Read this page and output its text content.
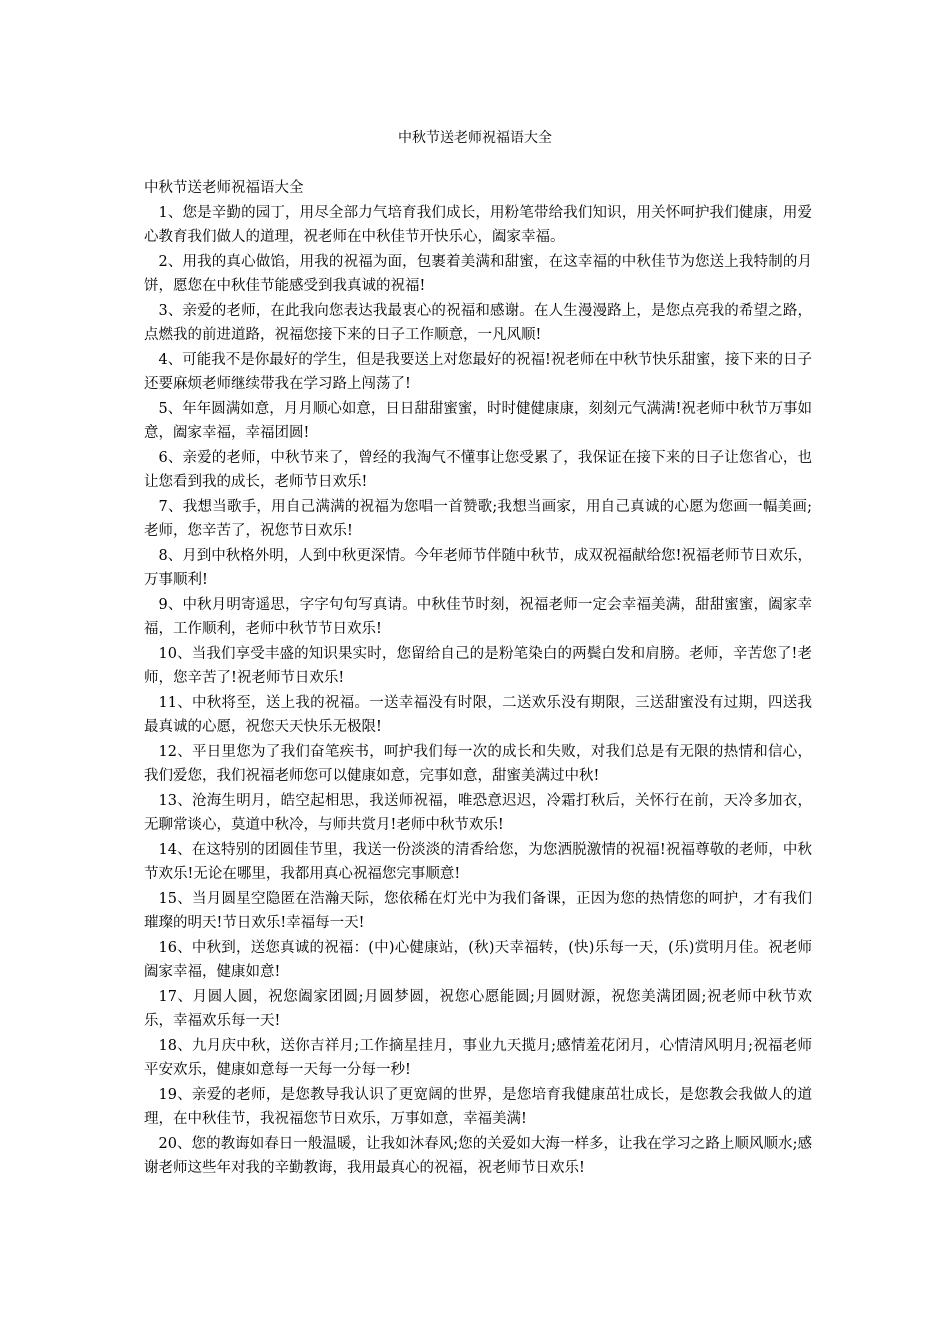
中秋节送老师祝福语大全

中秋节送老师祝福语大全

1、您是辛勤的园丁，用尽全部力气培育我们成长，用粉笔带给我们知识，用关怀呵护我们健康，用爱心教育我们做人的道理，祝老师在中秋佳节开快乐心，阖家幸福。

2、用我的真心做馅，用我的祝福为面，包裹着美满和甜蜜，在这幸福的中秋佳节为您送上我特制的月饼，愿您在中秋佳节能感受到我真诚的祝福!

3、亲爱的老师，在此我向您表达我最衷心的祝福和感谢。在人生漫漫路上，是您点亮我的希望之路，点燃我的前进道路，祝福您接下来的日子工作顺意，一凡风顺!

4、可能我不是你最好的学生，但是我要送上对您最好的祝福!祝老师在中秋节快乐甜蜜，接下来的日子还要麻烦老师继续带我在学习路上闯荡了!

5、年年圆满如意，月月顺心如意，日日甜甜蜜蜜，时时健健康康，刻刻元气满满!祝老师中秋节万事如意，阖家幸福，幸福团圆!

6、亲爱的老师，中秋节来了，曾经的我淘气不懂事让您受累了，我保证在接下来的日子让您省心，也让您看到我的成长，老师节日欢乐!

7、我想当歌手，用自己满满的祝福为您唱一首赞歌;我想当画家，用自己真诚的心愿为您画一幅美画;老师，您辛苦了，祝您节日欢乐!

8、月到中秋格外明，人到中秋更深情。今年老师节伴随中秋节，成双祝福献给您!祝福老师节日欢乐，万事顺利!

9、中秋月明寄遥思，字字句句写真请。中秋佳节时刻，祝福老师一定会幸福美满，甜甜蜜蜜，阖家幸福，工作顺利，老师中秋节节日欢乐!

10、当我们享受丰盛的知识果实时，您留给自己的是粉笔染白的两鬓白发和肩膀。老师，辛苦您了!老师，您辛苦了!祝老师节日欢乐!

11、中秋将至，送上我的祝福。一送幸福没有时限，二送欢乐没有期限，三送甜蜜没有过期，四送我最真诚的心愿，祝您天天快乐无极限!

12、平日里您为了我们奋笔疾书，呵护我们每一次的成长和失败，对我们总是有无限的热情和信心，我们爱您，我们祝福老师您可以健康如意，完事如意，甜蜜美满过中秋!

13、沧海生明月，皓空起相思，我送师祝福，唯恐意迟迟，冷霜打秋后，关怀行在前，天冷多加衣，无聊常谈心，莫道中秋冷，与师共赏月!老师中秋节欢乐!

14、在这特别的团圆佳节里，我送一份淡淡的清香给您，为您洒脱激情的祝福!祝福尊敬的老师，中秋节欢乐!无论在哪里，我都用真心祝福您完事顺意!

15、当月圆星空隐匿在浩瀚天际，您依稀在灯光中为我们备课，正因为您的热情您的呵护，才有我们璀璨的明天!节日欢乐!幸福每一天!

16、中秋到，送您真诚的祝福：(中)心健康站，(秋)天幸福转，(快)乐每一天，(乐)赏明月佳。祝老师阖家幸福，健康如意!

17、月圆人圆，祝您阖家团圆;月圆梦圆，祝您心愿能圆;月圆财源，祝您美满团圆;祝老师中秋节欢乐，幸福欢乐每一天!

18、九月庆中秋，送你吉祥月;工作摘星挂月，事业九天揽月;感情羞花闭月，心情清风明月;祝福老师平安欢乐，健康如意每一天每一分每一秒!

19、亲爱的老师，是您教导我认识了更宽阔的世界，是您培育我健康茁壮成长，是您教会我做人的道理，在中秋佳节，我祝福您节日欢乐，万事如意，幸福美满!

20、您的教诲如春日一般温暖，让我如沐春风;您的关爱如大海一样多，让我在学习之路上顺风顺水;感谢老师这些年对我的辛勤教诲，我用最真心的祝福，祝老师节日欢乐!
